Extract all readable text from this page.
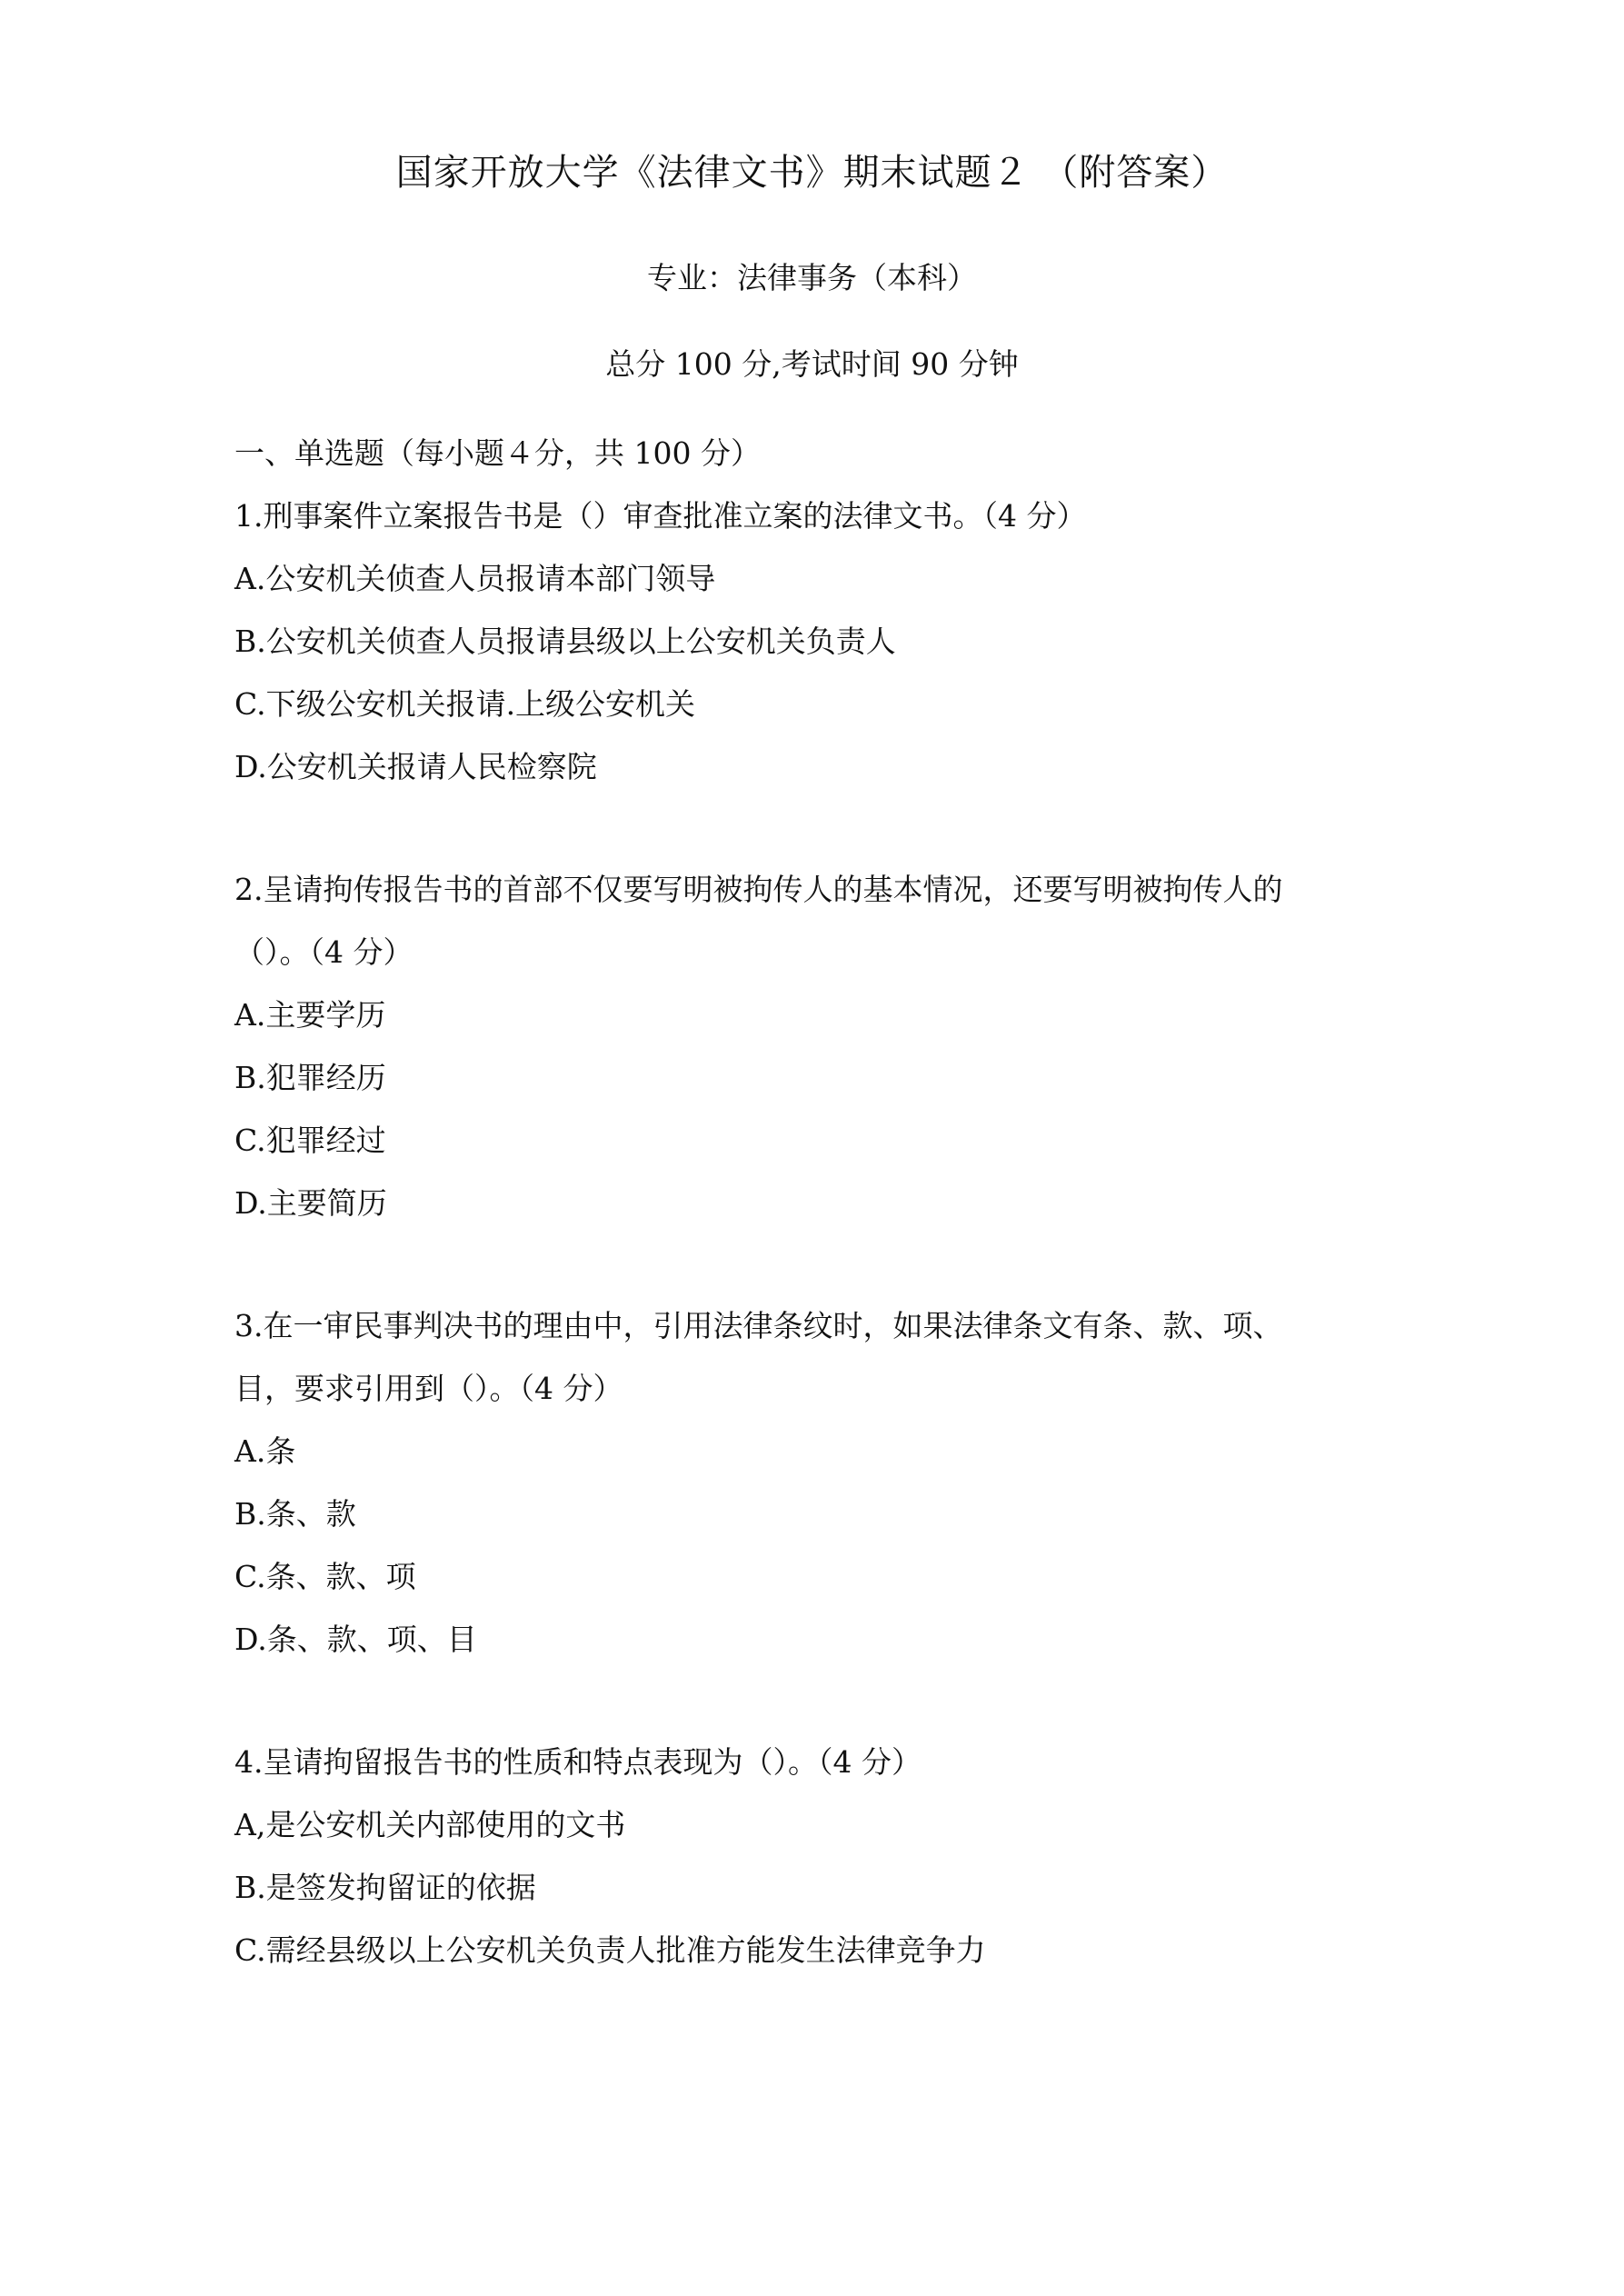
国家开放大学《法律文书》期末试题２ （附答案）
专业：法律事务（本科）
总分 100 分,考试时间 90 分钟
一、单选题（每小题４分，共 100 分）
1.刑事案件立案报告书是（）审查批准立案的法律文书。（4 分）
A.公安机关侦查人员报请本部门领导
B.公安机关侦查人员报请县级以上公安机关负责人
C.下级公安机关报请.上级公安机关
D.公安机关报请人民检察院
2.呈请拘传报告书的首部不仅要写明被拘传人的基本情况，还要写明被拘传人的
（）。（4 分）
A.主要学历
B.犯罪经历
C.犯罪经过
D.主要简历
3.在一审民事判决书的理由中，引用法律条纹时，如果法律条文有条、款、项、
目，要求引用到（）。（4 分）
A.条
B.条、款
C.条、款、项
D.条、款、项、目
4.呈请拘留报告书的性质和特点表现为（）。（4 分）
A,是公安机关内部使用的文书
B.是签发拘留证的依据
C.需经县级以上公安机关负责人批准方能发生法律竞争力
